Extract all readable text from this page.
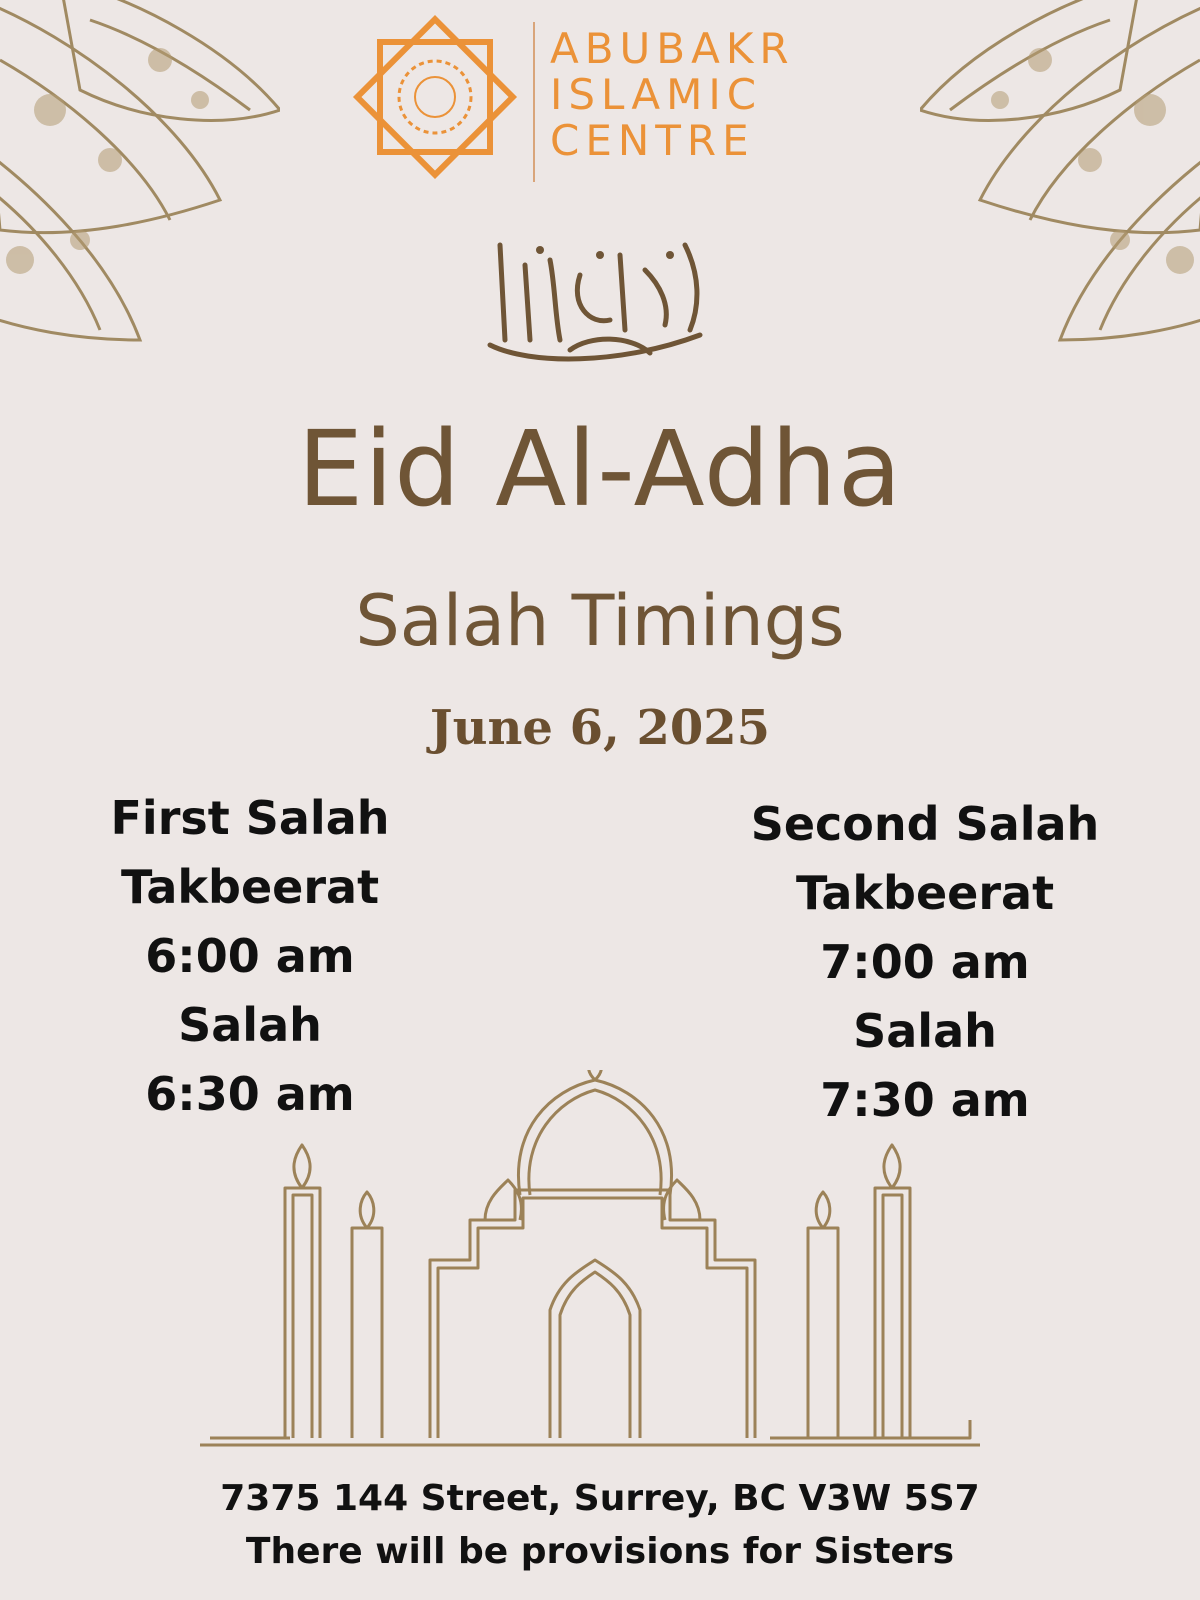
ABUBAKR
ISLAMIC
CENTRE
Eid Al-Adha
Salah Timings
June 6, 2025
First Salah
Takbeerat
6:00 am
Salah
6:30 am
Second Salah
Takbeerat
7:00 am
Salah
7:30 am
7375 144 Street, Surrey, BC V3W 5S7
There will be provisions for Sisters
